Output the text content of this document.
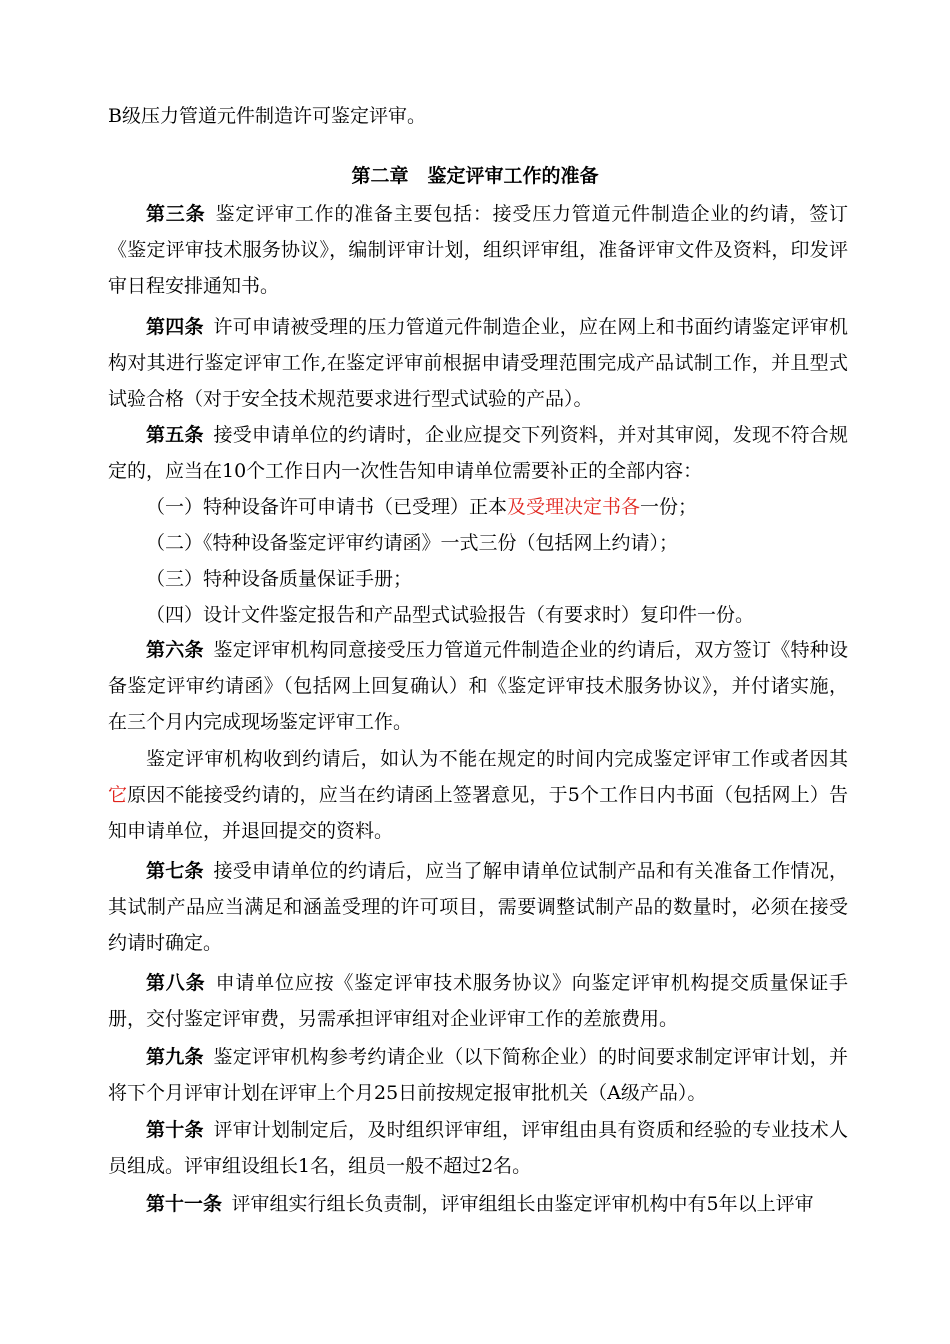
B级压力管道元件制造许可鉴定评审。

第二章　鉴定评审工作的准备

第三条  鉴定评审工作的准备主要包括：接受压力管道元件制造企业的约请，签订《鉴定评审技术服务协议》，编制评审计划，组织评审组，准备评审文件及资料，印发评审日程安排通知书。

第四条  许可申请被受理的压力管道元件制造企业，应在网上和书面约请鉴定评审机构对其进行鉴定评审工作,在鉴定评审前根据申请受理范围完成产品试制工作，并且型式试验合格（对于安全技术规范要求进行型式试验的产品）。

第五条  接受申请单位的约请时，企业应提交下列资料，并对其审阅，发现不符合规定的，应当在10个工作日内一次性告知申请单位需要补正的全部内容：

（一）特种设备许可申请书（已受理）正本及受理决定书各一份；

（二）《特种设备鉴定评审约请函》一式三份（包括网上约请）；

（三）特种设备质量保证手册；

（四）设计文件鉴定报告和产品型式试验报告（有要求时）复印件一份。

第六条  鉴定评审机构同意接受压力管道元件制造企业的约请后，双方签订《特种设备鉴定评审约请函》（包括网上回复确认）和《鉴定评审技术服务协议》，并付诸实施，在三个月内完成现场鉴定评审工作。

鉴定评审机构收到约请后，如认为不能在规定的时间内完成鉴定评审工作或者因其它原因不能接受约请的，应当在约请函上签署意见，于5个工作日内书面（包括网上）告知申请单位，并退回提交的资料。

第七条  接受申请单位的约请后，应当了解申请单位试制产品和有关准备工作情况，其试制产品应当满足和涵盖受理的许可项目，需要调整试制产品的数量时，必须在接受约请时确定。

第八条  申请单位应按《鉴定评审技术服务协议》向鉴定评审机构提交质量保证手册，交付鉴定评审费，另需承担评审组对企业评审工作的差旅费用。

第九条  鉴定评审机构参考约请企业（以下简称企业）的时间要求制定评审计划，并将下个月评审计划在评审上个月25日前按规定报审批机关（A级产品）。

第十条  评审计划制定后，及时组织评审组，评审组由具有资质和经验的专业技术人员组成。评审组设组长1名，组员一般不超过2名。

第十一条  评审组实行组长负责制，评审组组长由鉴定评审机构中有5年以上评审
